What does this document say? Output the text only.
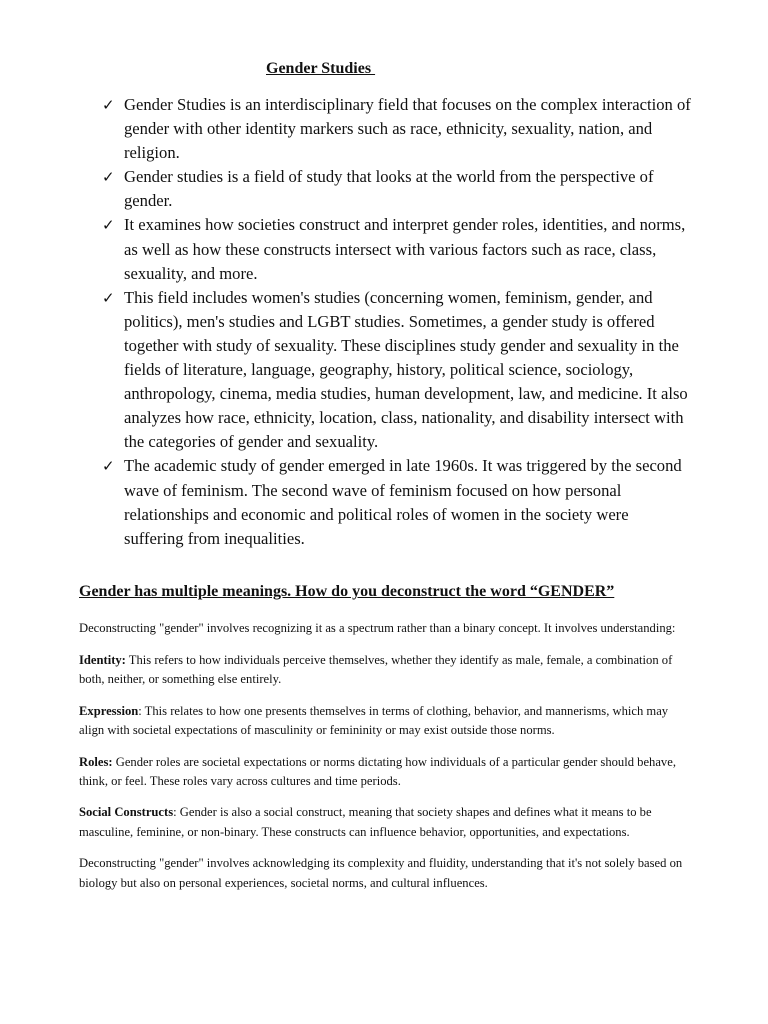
Gender Studies
✓ Gender Studies is an interdisciplinary field that focuses on the complex interaction of gender with other identity markers such as race, ethnicity, sexuality, nation, and religion.
✓ Gender studies is a field of study that looks at the world from the perspective of gender.
✓ It examines how societies construct and interpret gender roles, identities, and norms, as well as how these constructs intersect with various factors such as race, class, sexuality, and more.
✓ This field includes women's studies (concerning women, feminism, gender, and politics), men's studies and LGBT studies. Sometimes, a gender study is offered together with study of sexuality. These disciplines study gender and sexuality in the fields of literature, language, geography, history, political science, sociology, anthropology, cinema, media studies, human development, law, and medicine. It also analyzes how race, ethnicity, location, class, nationality, and disability intersect with the categories of gender and sexuality.
✓ The academic study of gender emerged in late 1960s. It was triggered by the second wave of feminism. The second wave of feminism focused on how personal relationships and economic and political roles of women in the society were suffering from inequalities.
Gender has multiple meanings. How do you deconstruct the word “GENDER”

Deconstructing "gender" involves recognizing it as a spectrum rather than a binary concept. It involves understanding:

Identity: This refers to how individuals perceive themselves, whether they identify as male, female, a combination of both, neither, or something else entirely.

Expression: This relates to how one presents themselves in terms of clothing, behavior, and mannerisms, which may align with societal expectations of masculinity or femininity or may exist outside those norms.

Roles: Gender roles are societal expectations or norms dictating how individuals of a particular gender should behave, think, or feel. These roles vary across cultures and time periods.

Social Constructs: Gender is also a social construct, meaning that society shapes and defines what it means to be masculine, feminine, or non-binary. These constructs can influence behavior, opportunities, and expectations.

Deconstructing "gender" involves acknowledging its complexity and fluidity, understanding that it's not solely based on biology but also on personal experiences, societal norms, and cultural influences.
